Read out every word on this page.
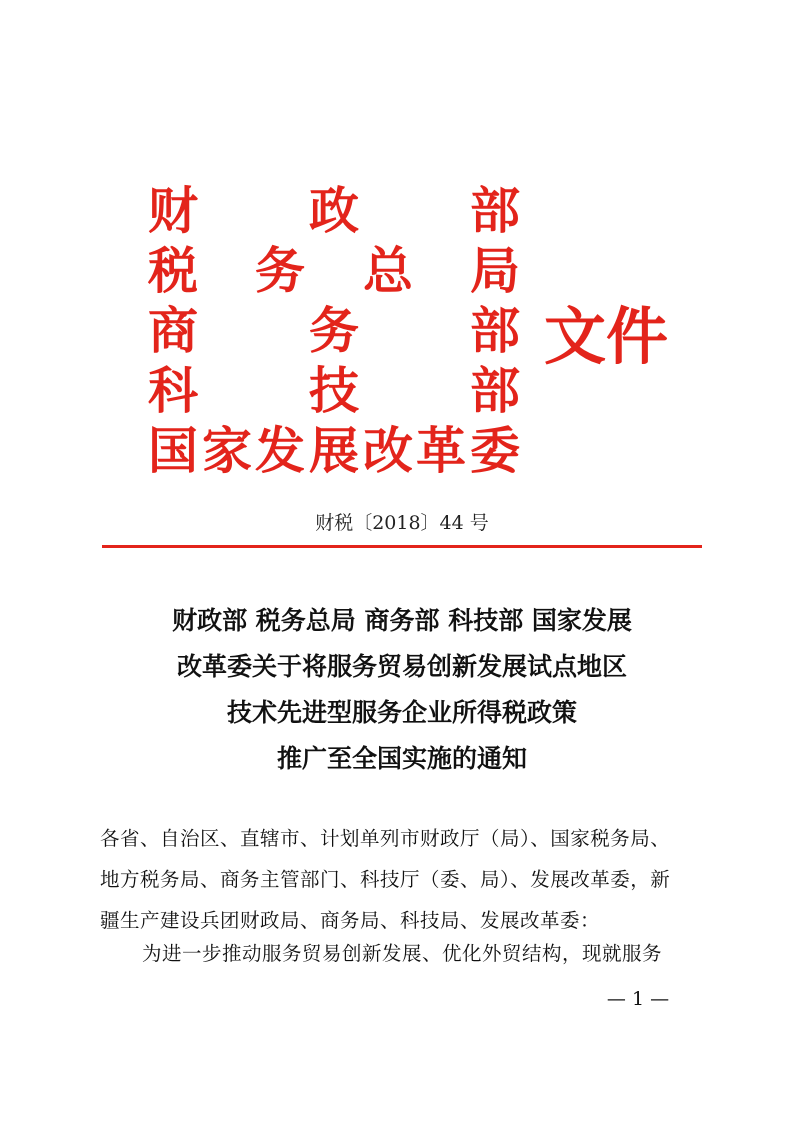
财 政 部
税 务 总 局
商 务 部
科 技 部
国 家 发 展 改 革 委
文件
财税〔2018〕44 号
财政部 税务总局 商务部 科技部 国家发展
改革委关于将服务贸易创新发展试点地区
技术先进型服务企业所得税政策
推广至全国实施的通知
各省、自治区、直辖市、计划单列市财政厅（局）、国家税务局、
地方税务局、商务主管部门、科技厅（委、局）、发展改革委，新
疆生产建设兵团财政局、商务局、科技局、发展改革委：
为进一步推动服务贸易创新发展、优化外贸结构，现就服务
— 1 —
